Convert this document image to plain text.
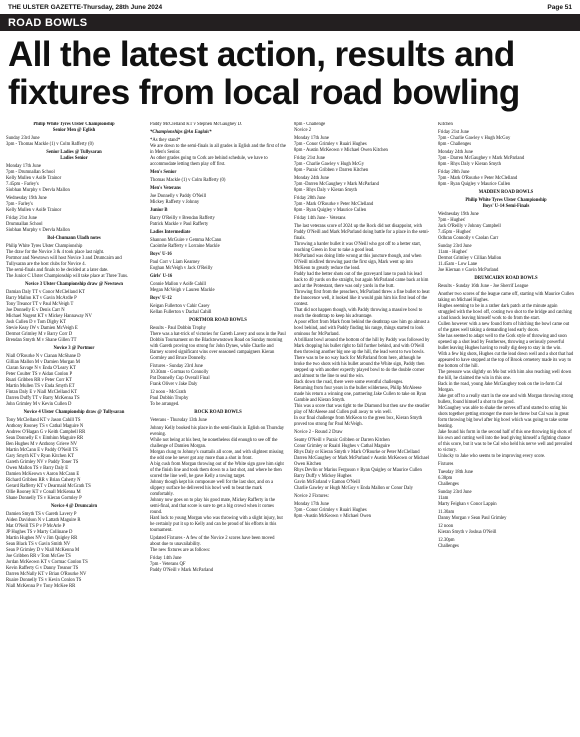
THE ULSTER GAZETTE-Thursday, 28th June 2024	Page 51
ROAD BOWLS
All the latest action, results and fixtures from local road bowling

Philip White Tyres Ulster Championship
Senior Men @ Eglish

Sunday 23rd June
3pm - Thomas Mackle (1) v Colm Rafferty (0)

Senior Ladies @ Tullysaran
Ladies Senior

Monday 17th June
7pm - Drumnallan School
Kelly Mullen v Aoife Trainor
7.45pm - Farley's
Siobhan Murphy v Dervla Mallon

Wednesday 19th June
7pm - Farley's
Kelly Mullen v Aoife Trainor

Friday 21st June
Drumnallan School
Siobhan Murphy v Dervla Mallon

Bol-Chumann Uladh notes

Philip White Tyres Ulster Championship
The draw for the Novice 3 & 4 took place last night.
Portmor and Newtown will host Novice 3 and Drumcairn and Tullysaran are the host clubs for Novice 4.
The semi-finals and finals to be decided at a later date.
The Junior C Ulster Championship will take place at Three Tuns.

Novice 3 Ulster Championship draw @ Newtown

Damian Daly TT v Conor McClelland KT
Barry Mallon KT v Gavin McArdle P
Tony Treanor TT v Paul McVeigh T
Joe Donnelly E v Denis Carr N
Michael Nugent KT v Mickey Hannaway NV
Josh Cullen D v Tom Digby KT
Stevie Keay IW v Damien McVeigh E
Dermot Grimley M v Barry Corr D
Brendan Smyth M v Shane Gillen TT

Novice 3 @ Portmor

Niall O'Rourke N v Cianan McShane D
Gillian Mallon M v Damien Morgan M
Ciaran Savage N v Enda O'Leary KT
Peter Coulter TS v Aidan Conlon P
Ruari Gribben RR v Peter Corr KT
Martin Mullen TS v Enda Smyth ET
Fintan Daly E v Niall McClelland KT
Darren Duffy TT v Barry McKenna TS
John Grimley M v Kevin Cullen D

Novice 4 Ulster Championship draw @ Tullysaran

Tony McClelland KT v Jason Cahill TS
Anthony Rooney TS v Cathal Maguire N
Andrew O'Hagan G v Keith Campbell RR
Sean Donnelly E v Eimhinn Maguire RR
Ben Hughes M v Anthony Grieve NV
Martin McCann E v Paddy O'Neill TS
Gary Smyth KT v Ryan Kitchen KT
Gareth Grimley NV v Paddy Toner TS
Owen Mallon TS v Barry Daly E
Damien McKeown v Aaron McCann E
Richard Gribben RR v Brian Caherty N
Gerard Rafferty KT v Dearmaid McGrath TS
Ollie Rooney KT v Conall McKenna M
Shane Donnelly TS v Kieran Gormley P

Novice 4 @ Drumcairn

Damien Smyth TS v Gareth Lavery P
Aiden Davidson N v Lattath Maguire R
Mat O'Neill TS P v P McArle P
JP Hughes TS v Marty Collinane D
Martin Hughes NV v Jim Quigley RR
Sean Black TS v Gavin Smith NV
Sean P Grimley D v Niall McKenna M
Joe Gribben RR v Tom McGee TS
Jordan McKeown KT v Cormac Conlon TS
Kevin Rafferty G v Danny Treanor TS
Darren McNally KT v Brian O'Rourke NV
Ruaire Donnelly TS v Kevin Conlon TS
Niall McKenna P v Tony McKee RR

Paddy McClelland KT v Stephen McGaughey D.

*Championships @An Eaglais*

*As they stand*
We are down to the semi-finals in all grades in Eglish and the first of the in Men's Senior.
As other grades going to Cork are behind schedule, we have to accommodate letting them play off first.

Men's Senior

Thomas Mackle (1) v Colm Rafferty (0)

Men's Veterans

Joe Donnelly v Paddy O'Neill
Mickey Rafferty v Johnny

Junior B

Barry O'Reilly v Brendan Rafferty
Patrick Mackle v Paul Rafferty

Ladies Intermediate

Shannon McGuire v Gemma McCann
Caoimhe Rafferty v Lorraine Mackle

Boys' U-16

Paul Corr v Liam Kearney
Eoghan McVeigh v Jack O'Reilly

Girls' U-16

Connie Mallon v Aoife Cahill
Megan McVeigh v Lauren Mackle

Boys' U-12

Keigan Fullerton v Cahir Casey
Kellan Fullerton v Dachal Cahill

PORTMOR ROAD BOWLS

Results - Paul Dobbin Trophy
There was a hat-trick of victories for Gareth Lavery and sons in the Paul Dobbin Tournament on the Blacktownstown Road on Sunday morning with Gareth proving too strong for John Dynes, while Charlie and Barney scored significant wins over seasoned campaigners Kieran Gormley and Bruce Donnelly.

Fixtures - Sunday 23rd June
10.30am - Gormas to Connolly
Pat Donnelly Cup Overall Final
Frank Oliver v Jake Daly

12 noon - McGrath
Paul Dobbin Trophy
To be arranged.

ROCK ROAD BOWLS

Veterans - Thursday 13th June

Johnny Kelly booked his place in the semi-finals in Eglish on Thursday evening.
While not being at his best, he nonetheless did enough to see off the challenge of Damien Morgan.
Morgan clung to Johnny's coattails all score, and with slightest missing the odd one he never got any more than a shot in front.
A big cush from Morgan throwing out of the White sign gave him sight of the finish line and took them down to a last shot, and where he then scored the line well, he gave Kelly a towing target.
Johnny though kept his composure well for the last shot, and on a slippery surface he delivered his bowl well to beat the mark comfortably.
Johnny now goes on to play his good mate, Mickey Rafferty in the semi-final, and that score is sure to get a big crowd when it comes round.
Hard luck to young Morgan who was throwing with a slight injury, but he certainly put it up to Kelly and can be proud of his efforts in this tournament.

Updated Fixtures - A few of the Novice 2 scores have been moved about due to unavailability.
The new fixtures are as follows:

Friday 14th June
7pm - Veterans QF
Paddy O'Neill v Mark McParland

8pm - Challenge
Novice 2

Monday 17th June
7pm - Conor Grimley v Ruairi Hughes
8pm - Austin McKeown v Michael Owen Kitchen

Friday 21st June
7pm - Charlie Gawley v Hugh McGy
8pm - Paraic Gribben v Darren Kitchen

Monday 24th June
7pm -Darren McGaughey v Mark McParland
8pm - Rhys Daly v Kieran Smyth

Friday 28th June
7pm - Mark O'Rourke v Peter McClelland
8pm - Ryan Quigley v Maurice Cullen

Friday 14th June - Veterans

The last veterans score of 2024 up the Rock did not disappoint, with Paddy O'Neill and Mark McParland doing battle for a place in the semi-finals.
Throwing a harder bullet it was O'Neill who got off to a better start, reaching Green in four to take a good lead.
McParland was doing little wrong at this juncture though, and when O'Neill misfired throwing past the first sign, Mark went up into McKeon to greatly reduce the lead.
Paddy had the better shots out of the graveyard lane to push his lead back to 40 yards on the straight, but again McParland came back at him and at the Protestant, there was only yards in the butt.
Throwing first from the preachers, McParland threw a fine bullet to beat the Innocence well, it looked like it would gain him his first lead of the contest.
That did not happen though, with Paddy throwing a massive bowl to reach the deathtrap to keep his advantage.
A poor effort from Mark from behind the deathtrap saw him go almost a bowl behind, and with Paddy finding his range, things started to look ominous for McParland.
A brilliant bowl around the bottom of the hill by Paddy was followed by Mark dropping his bullet right to fall further behind, and with O'Neill then throwing another big one up the hill, the lead went to two bowls.
There was to be no way back for McParland from here, although he broke the two shots with his bullet around the White sign, Paddy then stepped up with another expertly played bowl to do the double corner and almost to the line to seal the win.
Back down the road, there were some eventful challenges.
Returning from four years in the bullet wilderness, Philip McAleese made his return a winning one, partnering Jake Cullen to take on Ryan Gamble and Kieran Smyth.
This was a score that was tight to the Diamond but then saw the steadier play of McAleese and Cullen pull away to win well.
In our final challenge from McKeon to the green box, Kieran Smyth proved too strong for Paul McVeigh.

Novice 2 - Round 2 Draw

Seamy O'Neill v Paraic Gribben or Darren Kitchen
Conor Grimley or Ruairi Hughes v Cathal Maguire
Rhys Daly or Kieran Smyth v Mark O'Rourke or Peter McClelland
Darren McGaughey or Mark McParland v Austin McKeown or Michael Owen Kitchen
Rhys Devlin or Marius Ferguson v Ryan Quigley or Maurice Cullen
Barry Duffy v Mickey Hughes
Gavin McFarland v Eamon O'Neill
Charlie Gawley or Hugh McGoy v Enda Mallon or Conor Daly

Novice 2 Fixtures:

Monday 17th June
7pm - Conor Grimley v Ruairi Hughes
8pm -Austin McKeown v Michael Owen

Kitchen

Friday 21st June
7pm - Charlie Gawley v Hugh McGoy
8pm - Challenges

Monday 24th June
7pm - Darren McGaughey v Mark McParland
8pm - Rhys Daly v Kieran Smyth

Friday 28th June
7pm - Mark O'Rourke v Peter McClelland
8pm - Ryan Quigley v Maurice Cullen

MADDEN ROAD BOWLS

Philip White Tyres Ulster Championship
Boys' U-14 Semi-Finals

Wednesday 19th June
7pm - Hughes'
Jack O'Reilly v Johnny Campbell
7.45pm - Hughes'
Odhran Connolly v Caolan Carr

Sunday 23rd June
11am - Hughes'
Dermot Grimley v Cillian Mallon
11.45am - Low Lane
Joe Kiernan v Gavin McParland

DRUMCAIRN ROAD BOWLS

Results - Sunday 16th June - Joe Sherrif League

Another two scores of the league came off, starting with Maurice Cullen taking on Michael Hughes.
Hughes seeming to be in a rather dark patch at the minute again struggled with the bowl off, costing two shot to the bridge and catching a bad knock leaving himself work to do from the start.
Cullen however with a new found form of hitching the bowl came out of the gates well taking a demanding lead early doors.
She has seemed to adapt well to the Gork style of throwing and soon opened up a shot lead by Featherses, throwing a seriously powerful bullet leaving Hughes having to really dig deep to stay in the win.
With a few big shots, Hughes cut the lead down well and a shot that had appeared to have stopped at the top of Brook cemetery made its way to the bottom of the hill.
The pressure was slightly on Mo but with him also reaching well down the hill, he claimed the win in this one.
Back in the road, young Jake McGaughey took on the in-form Cal Morgan.
Jake got off to a really start in the one and with Morgan throwing strong bullets, found himself a shot to the good.
McGaughey was able to shake the nerves off and started to string his shots together getting stronger the more he threw but Cal was in great form throwing big bowl after big bowl which was going to take some beating.
Jake found his form in the second half of this one throwing big shots of his own and cutting well into the lead giving himself a fighting chance of this score, but it was to be Cal who held his nerve well and prevailed to victory.
Unlucky to Jake who seems to be improving every score.

Fixtures

Tuesday 18th June
6.30pm
Challenges

Sunday 23rd June
11am
Marty Feighan v Conor Lappin

11.30am
Danny Morgan v Sean Paul Grimley

12 noon
Kieran Smyth v Joshua O'Neill

12.30pm
Challenges
